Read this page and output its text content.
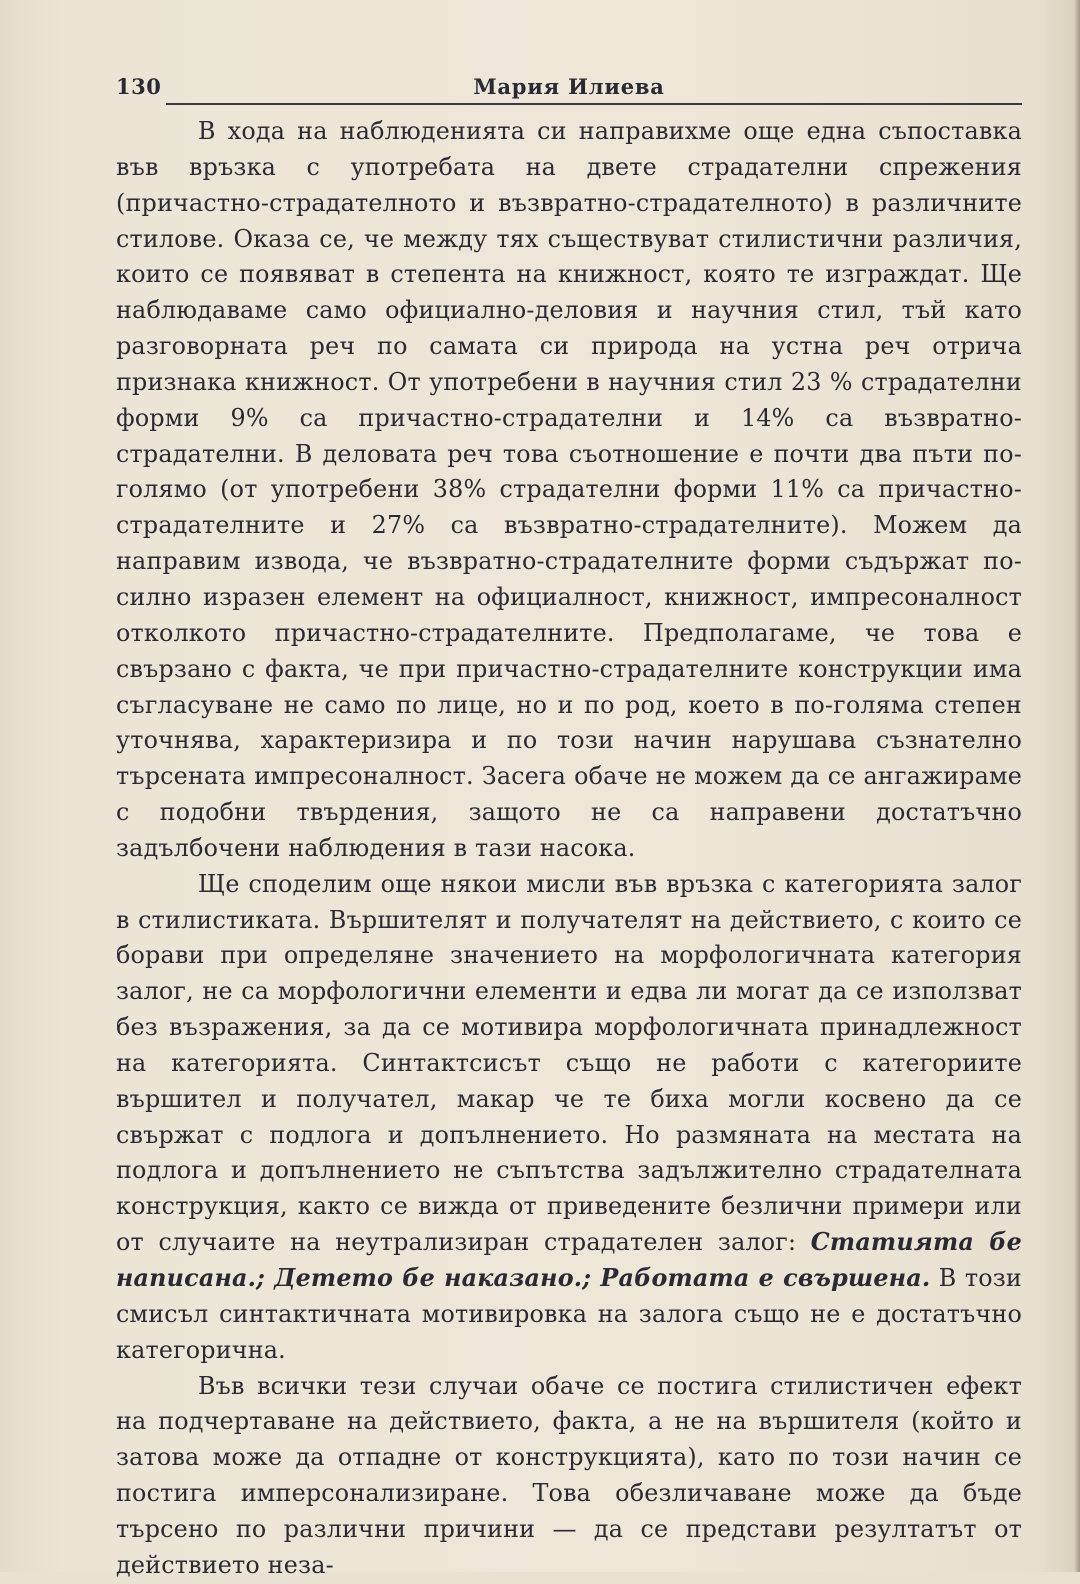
130	Мария Илиева

В хода на наблюденията си направихме още една съпоставка във връзка с употребата на двете страдателни спрежения (причастно-страдателното и възвратно-страдателното) в различните стилове. Оказа се, че между тях съществуват стилистични различия, които се появяват в степента на книжност, която те изграждат. Ще наблюдаваме само официално-деловия и научния стил, тъй като разговорната реч по самата си природа на устна реч отрича признака книжност. От употребени в научния стил 23 % страдателни форми 9% са причастно-страдателни и 14% са възвратно-страдателни. В деловата реч това съотношение е почти два пъти по-голямо (от употребени 38% страдателни форми 11% са причастно-страдателните и 27% са възвратно-страдателните). Можем да направим извода, че възвратно-страдателните форми съдържат по-силно изразен елемент на официалност, книжност, импресоналност отколкото причастно-страдателните. Предполагаме, че това е свързано с факта, че при причастно-страдателните конструкции има съгласуване не само по лице, но и по род, което в по-голяма степен уточнява, характеризира и по този начин нарушава съзнателно търсената импресоналност. Засега обаче не можем да се ангажираме с подобни твърдения, защото не са направени достатъчно задълбочени наблюдения в тази насока.

Ще споделим още някои мисли във връзка с категорията залог в стилистиката. Вършителят и получателят на действието, с които се борави при определяне значението на морфологичната категория залог, не са морфологични елементи и едва ли могат да се използват без възражения, за да се мотивира морфологичната принадлежност на категорията. Синтактсисът също не работи с категориите вършител и получател, макар че те биха могли косвено да се свържат с подлога и допълнението. Но размяната на местата на подлога и допълнението не съпътства задължително страдателната конструкция, както се вижда от приведените безлични примери или от случаите на неутрализиран страдателен залог: Статията бе написана.; Детето бе наказано.; Работата е свършена. В този смисъл синтактичната мотивировка на залога също не е достатъчно категорична.

Във всички тези случаи обаче се постига стилистичен ефект на подчертаване на действието, факта, а не на вършителя (който и затова може да отпадне от конструкцията), като по този начин се постига имперсонализиране. Това обезличаване може да бъде търсено по различни причини — да се представи резултатът от действието неза-
